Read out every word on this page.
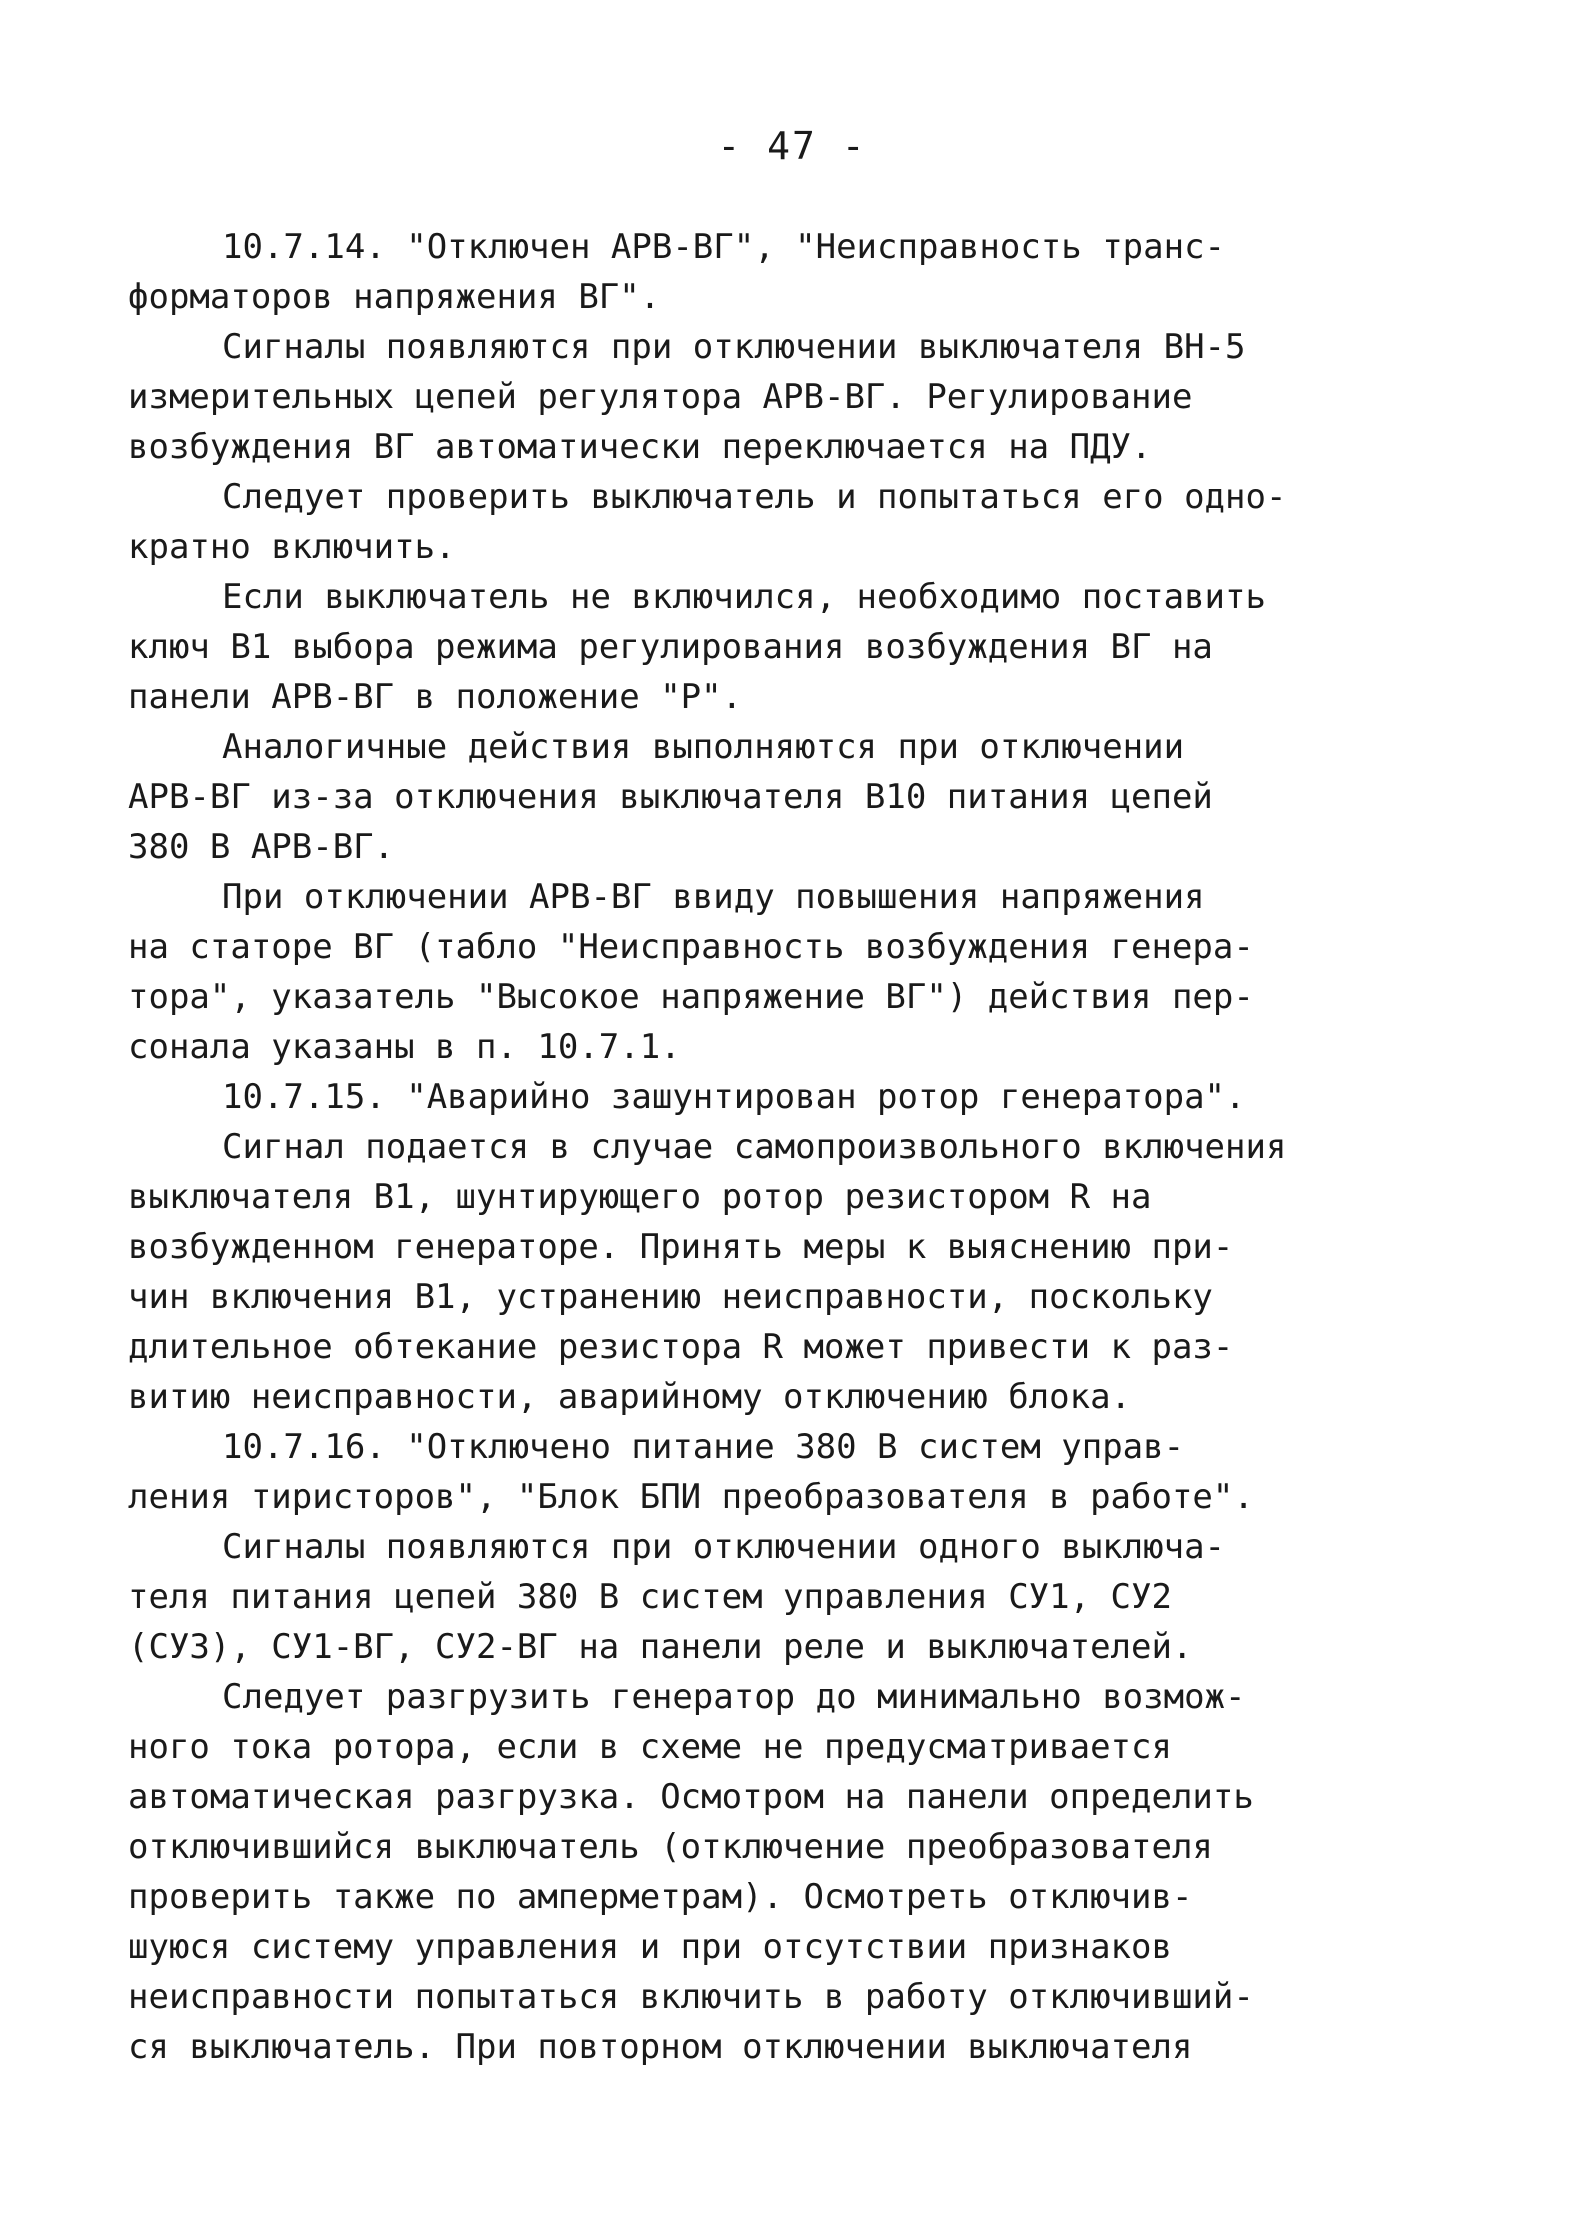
- 47 -
10.7.14. "Отключен АРВ-ВГ", "Неисправность транс-
форматоров напряжения ВГ".
Сигналы появляются при отключении выключателя ВН-5
измерительных цепей регулятора АРВ-ВГ. Регулирование
возбуждения ВГ автоматически переключается на ПДУ.
Следует проверить выключатель и попытаться его одно-
кратно включить.
Если выключатель не включился, необходимо поставить
ключ В1 выбора режима регулирования возбуждения ВГ на
панели АРВ-ВГ в положение "Р".
Аналогичные действия выполняются при отключении
АРВ-ВГ из-за отключения выключателя В10 питания цепей
380 В АРВ-ВГ.
При отключении АРВ-ВГ ввиду повышения напряжения
на статоре ВГ (табло "Неисправность возбуждения генера-
тора", указатель "Высокое напряжение ВГ") действия пер-
сонала указаны в п. 10.7.1.
10.7.15. "Аварийно зашунтирован ротор генератора".
Сигнал подается в случае самопроизвольного включения
выключателя В1, шунтирующего ротор резистором R на
возбужденном генераторе. Принять меры к выяснению при-
чин включения В1, устранению неисправности, поскольку
длительное обтекание резистора R может привести к раз-
витию неисправности, аварийному отключению блока.
10.7.16. "Отключено питание 380 В систем управ-
ления тиристоров", "Блок БПИ преобразователя в работе".
Сигналы появляются при отключении одного выключа-
теля питания цепей 380 В систем управления СУ1, СУ2
(СУ3), СУ1-ВГ, СУ2-ВГ на панели реле и выключателей.
Следует разгрузить генератор до минимально возмож-
ного тока ротора, если в схеме не предусматривается
автоматическая разгрузка. Осмотром на панели определить
отключившийся выключатель (отключение преобразователя
проверить также по амперметрам). Осмотреть отключив-
шуюся систему управления и при отсутствии признаков
неисправности попытаться включить в работу отключивший-
ся выключатель. При повторном отключении выключателя
